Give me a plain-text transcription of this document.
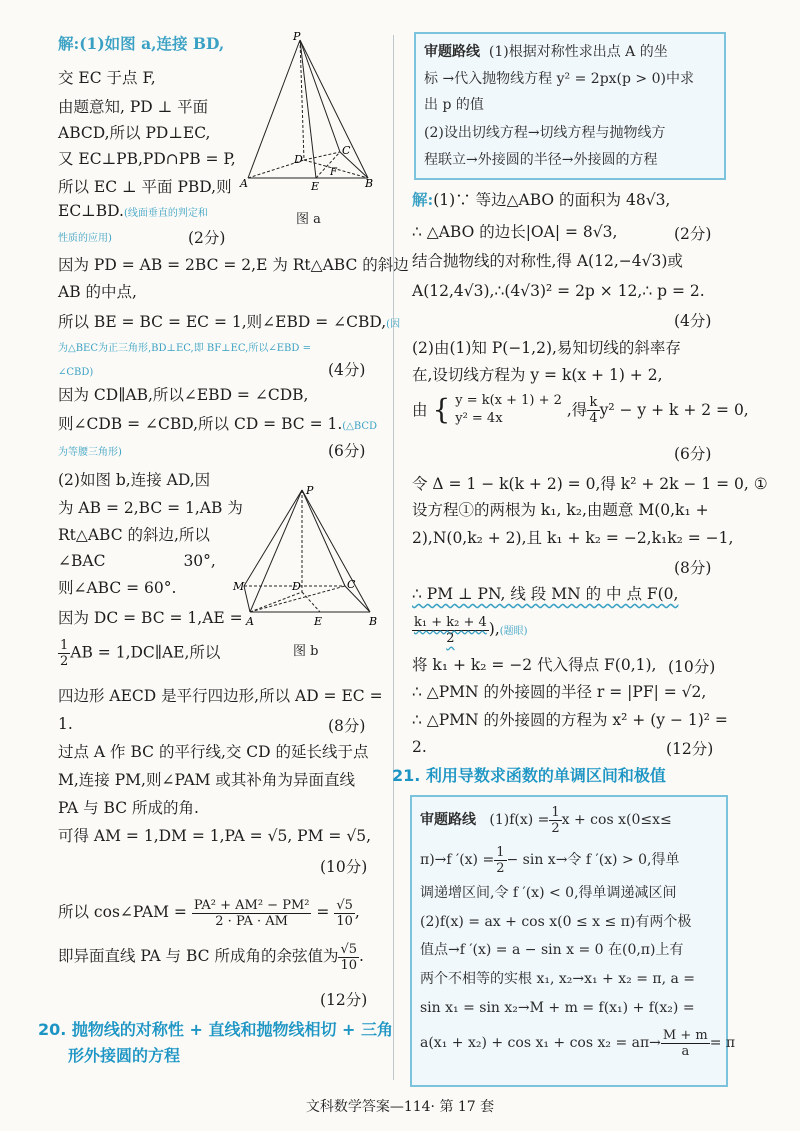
解:(1)如图 a,连接 BD,
交 EC 于点 F,
由题意知, PD ⊥ 平面
ABCD,所以 PD⊥EC,
又 EC⊥PB,PD∩PB = P,
所以 EC ⊥ 平面 PBD,则
EC⊥BD.(线面垂直的判定和
性质的应用)	(2分)
P
A	B
C
D
E
F
图 a
因为 PD = AB = 2BC = 2,E 为 Rt△ABC 的斜边
AB 的中点,
所以 BE = BC = EC = 1,则∠EBD = ∠CBD,(因
为△BEC为正三角形,BD⊥EC,即 BF⊥EC,所以∠EBD =
∠CBD)	(4分)
因为 CD∥AB,所以∠EBD = ∠CDB,
则∠CDB = ∠CBD,所以 CD = BC = 1.(△BCD
为等腰三角形)	(6分)
(2)如图 b,连接 AD,因
为 AB = 2,BC = 1,AB 为
Rt△ABC 的斜边,所以
∠BAC	30°,
则∠ABC = 60°.
因为 DC = BC = 1,AE =
$\frac{1}{2}$ AB = 1,DC∥AE,所以
P
M
A	B
C
D
E
图 b
四边形 AECD 是平行四边形,所以 AD = EC =
1.	(8分)
过点 A 作 BC 的平行线,交 CD 的延长线于点
M,连接 PM,则∠PAM 或其补角为异面直线
PA 与 BC 所成的角.
可得 AM = 1,DM = 1,PA = √5, PM = √5,
(10分)
所以 cos∠PAM = $\frac{\text{PA² + AM² − PM²}}{2 \cdot PA \cdot AM} = \frac{√5}{10}$ ,
即异面直线 PA 与 BC 所成角的余弦值为 $\frac{√5}{10}$ .
(12分)
20. 抛物线的对称性 + 直线和抛物线相切 + 三角
形外接圆的方程
审题路线 (1)根据对称性求出点 A 的坐
标 →代入抛物线方程 y² = 2px(p > 0)中求
出 p 的值
(2)设出切线方程→切线方程与抛物线方
程联立→外接圆的半径→外接圆的方程
解:(1)∵ 等边△ABO 的面积为 48√3,
∴ △ABO 的边长|OA| = 8√3,	(2分)
结合抛物线的对称性,得 A(12,−4√3)或
A(12,4√3),∴(4√3)² = 2p × 12,∴ p = 2.
(4分)
(2)由(1)知 P(−1,2),易知切线的斜率存
在,设切线方程为 y = k(x + 1) + 2,
由 { y = k(x + 1) + 2
y² = 4x	,得 $\frac{k}{4} y^2 - y + k + 2 = 0$,
(6分)
令 Δ = 1 − k(k + 2) = 0,得 k² + 2k − 1 = 0, ①
设方程①的两根为 k₁, k₂,由题意 M(0,k₁ +
2),N(0,k₂ + 2),且 k₁ + k₂ = −2,k₁k₂ = −1,
(8分)
∴ PM ⊥ PN, 线 段 MN 的 中 点 F(0,
$\frac{\text{k₁ + k₂ + 4}}{2}$ ),(题眼)
将 k₁ + k₂ = −2 代入得点 F(0,1), (10分)
∴ △PMN 的外接圆的半径 r = |PF| = √2,
∴ △PMN 的外接圆的方程为 x² + (y − 1)² =
2.	(12分)
21. 利用导数求函数的单调区间和极值
审题路线 $(1)f(x) = \frac{1}{2}$ x + cos x(0≤x≤
π)→f $'(x) = \frac{1}{2} - \sin x\to$令 f ′(x) > 0,得单
调递增区间,令 f ′(x) < 0,得单调递减区间
(2)f(x) = ax + cos x(0 ≤ x ≤ π)有两个极
值点→f ′(x) = a − sin x = 0 在(0,π)上有
两个不相等的实根 x₁, x₂→x₁ + x₂ = π, a =
sin x₁ = sin x₂→M + m = f(x₁) + f(x₂) =
$a(x_1 + x_2) + \cos x_1 + \cos x_2 = a\pi\to \frac{M + m}{a} = \pi$
文科数学答案—114· 第 17 套
